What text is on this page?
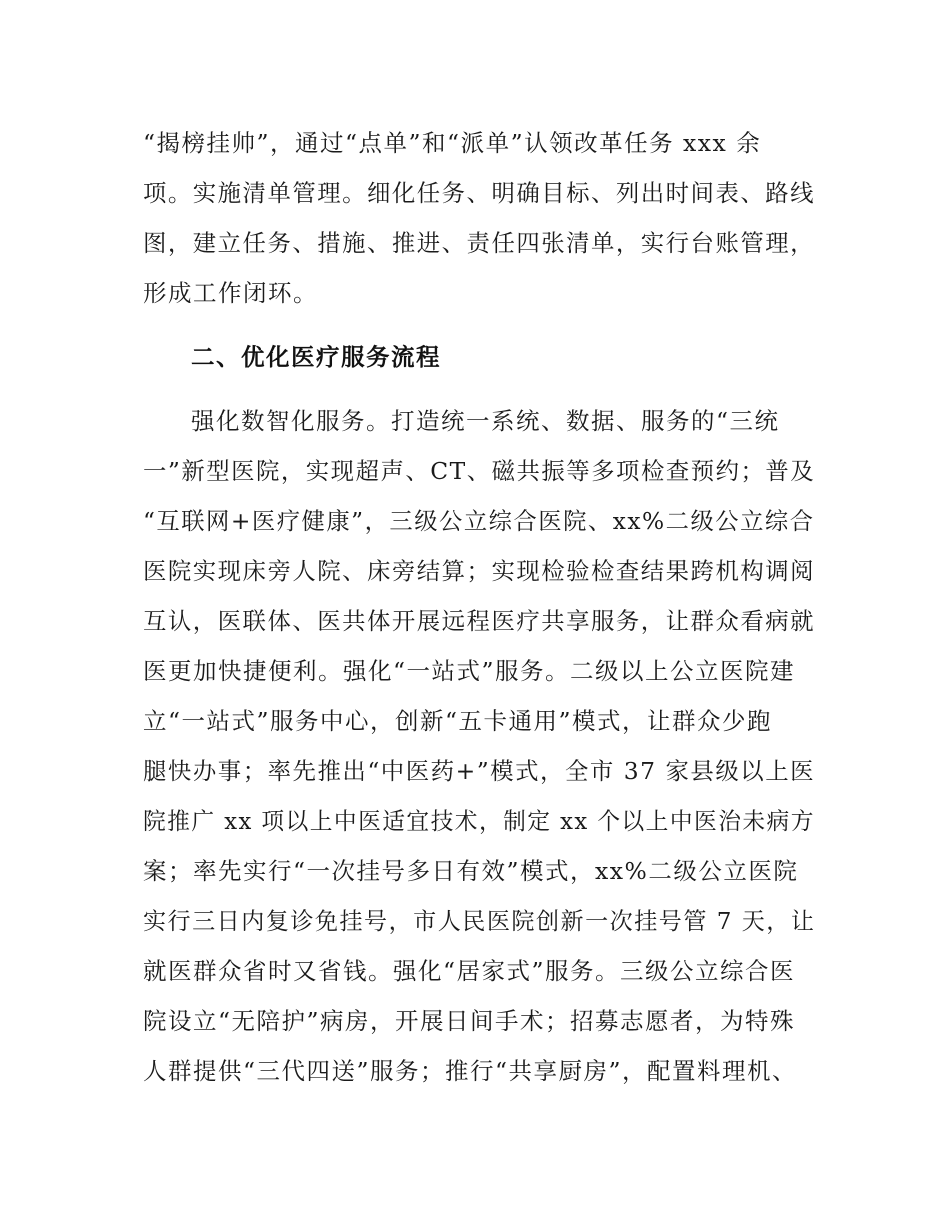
“揭榜挂帅”，通过“点单”和“派单”认领改革任务 xxx 余
项。实施清单管理。细化任务、明确目标、列出时间表、路线
图，建立任务、措施、推进、责任四张清单，实行台账管理，
形成工作闭环。
二、优化医疗服务流程
强化数智化服务。打造统一系统、数据、服务的“三统
一”新型医院，实现超声、CT、磁共振等多项检查预约；普及
“互联网+医疗健康”，三级公立综合医院、xx%二级公立综合
医院实现床旁人院、床旁结算；实现检验检查结果跨机构调阅
互认，医联体、医共体开展远程医疗共享服务，让群众看病就
医更加快捷便利。强化“一站式”服务。二级以上公立医院建
立“一站式”服务中心，创新“五卡通用”模式，让群众少跑
腿快办事；率先推出“中医药+”模式，全市 37 家县级以上医
院推广 xx 项以上中医适宜技术，制定 xx 个以上中医治未病方
案；率先实行“一次挂号多日有效”模式，xx%二级公立医院
实行三日内复诊免挂号，市人民医院创新一次挂号管 7 天，让
就医群众省时又省钱。强化“居家式”服务。三级公立综合医
院设立“无陪护”病房，开展日间手术；招募志愿者，为特殊
人群提供“三代四送”服务；推行“共享厨房”，配置料理机、
